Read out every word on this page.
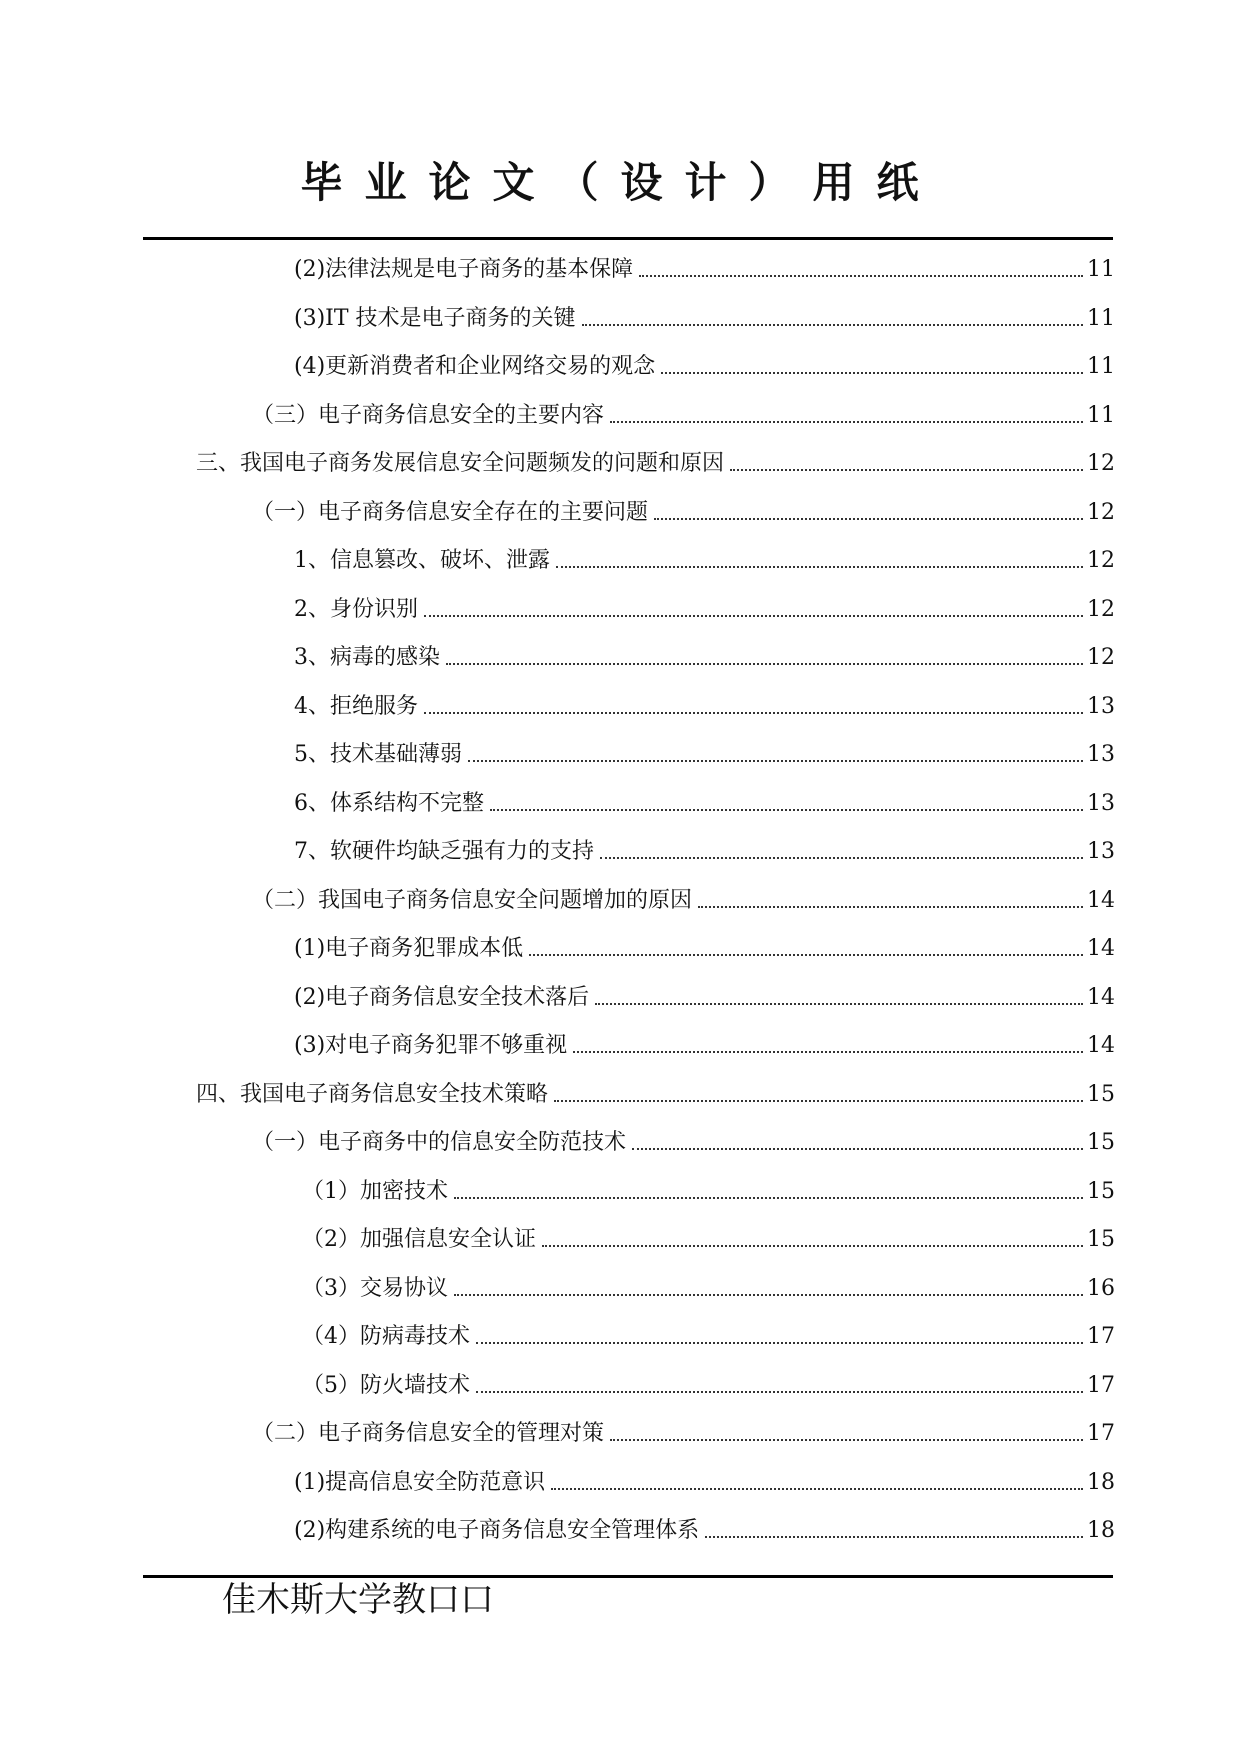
毕业论文（设计）用纸
(2)法律法规是电子商务的基本保障	11
(3)IT 技术是电子商务的关键	11
(4)更新消费者和企业网络交易的观念	11
（三）电子商务信息安全的主要内容	11
三、我国电子商务发展信息安全问题频发的问题和原因	12
（一）电子商务信息安全存在的主要问题	12
1、信息篡改、破坏、泄露	12
2、身份识别	12
3、病毒的感染	12
4、拒绝服务	13
5、技术基础薄弱	13
6、体系结构不完整	13
7、软硬件均缺乏强有力的支持	13
（二）我国电子商务信息安全问题增加的原因	14
(1)电子商务犯罪成本低	14
(2)电子商务信息安全技术落后	14
(3)对电子商务犯罪不够重视	14
四、我国电子商务信息安全技术策略	15
（一）电子商务中的信息安全防范技术	15
（1）加密技术	15
（2）加强信息安全认证	15
（3）交易协议	16
（4）防病毒技术	17
（5）防火墙技术	17
（二）电子商务信息安全的管理对策	17
(1)提高信息安全防范意识	18
(2)构建系统的电子商务信息安全管理体系	18
佳木斯大学教口口
